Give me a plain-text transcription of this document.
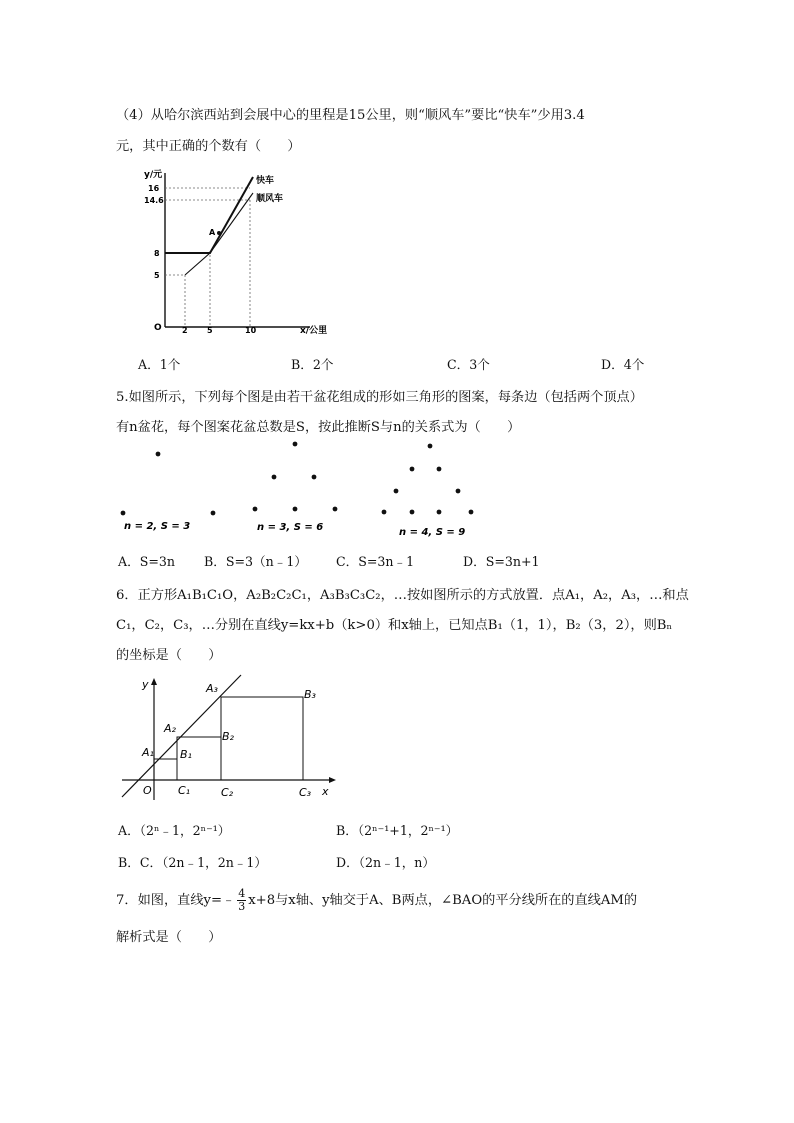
（4）从哈尔滨西站到会展中心的里程是15公里，则“顺风车”要比“快车”少用3.4
元，其中正确的个数有（　　）
y/元
16
14.6
8
5
O	2 5	10	x/公里
快车
顺风车
A
A．1个	B．2个	C．3个	D．4个
5.如图所示，下列每个图是由若干盆花组成的形如三角形的图案，每条边（包括两个顶点）
有n盆花，每个图案花盆总数是S，按此推断S与n的关系式为（　　）
n = 2, S = 3	n = 3, S = 6	n = 4, S = 9
A．S=3n B．S=3（n﹣1） C．S=3n﹣1	D．S=3n+1
6．正方形A₁B₁C₁O，A₂B₂C₂C₁，A₃B₃C₃C₂，…按如图所示的方式放置．点A₁，A₂，A₃，…和点
C₁，C₂，C₃，…分别在直线y=kx+b（k>0）和x轴上，已知点B₁（1，1），B₂（3，2），则Bₙ
的坐标是（　　）
y
x
O
A₁
A₂
A₃
B₁
B₂
B₃
C₁	C₂	C₃
A．（2ⁿ﹣1，2ⁿ⁻¹）	B．（2ⁿ⁻¹+1，2ⁿ⁻¹）
B．C．（2n﹣1，2n﹣1）	D．（2n﹣1，n）
7．如图，直线y=﹣ $\frac{4}{3} x+8$与x轴、y轴交于A、B两点，∠BAO的平分线所在的直线AM的
解析式是（　　）
